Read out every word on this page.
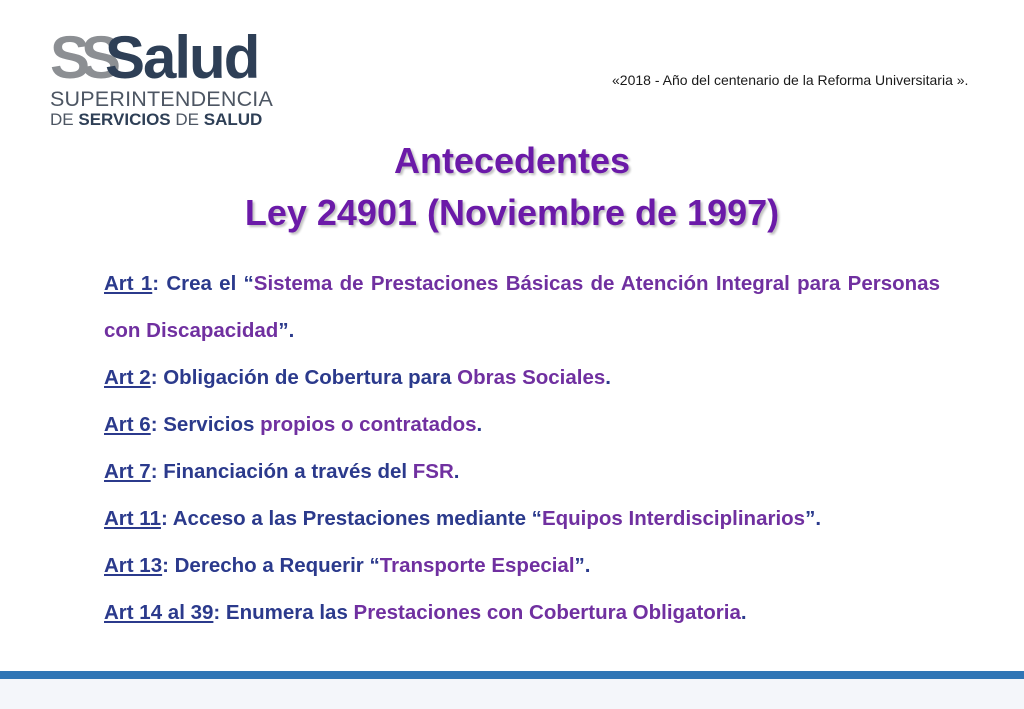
SS
Salud
SUPERINTENDENCIA
DE SERVICIOS DE SALUD
«2018 - Año del centenario de la Reforma Universitaria ».
Antecedentes
Ley 24901 (Noviembre de 1997)

Art 1: Crea el “Sistema de Prestaciones Básicas de Atención Integral para Personas con Discapacidad”.

Art 2: Obligación de Cobertura para Obras Sociales.

Art 6: Servicios propios o contratados.

Art 7: Financiación a través del FSR.

Art 11: Acceso a las Prestaciones mediante “Equipos Interdisciplinarios”.

Art 13: Derecho a Requerir “Transporte Especial”.

Art 14 al 39: Enumera las Prestaciones con Cobertura Obligatoria.
